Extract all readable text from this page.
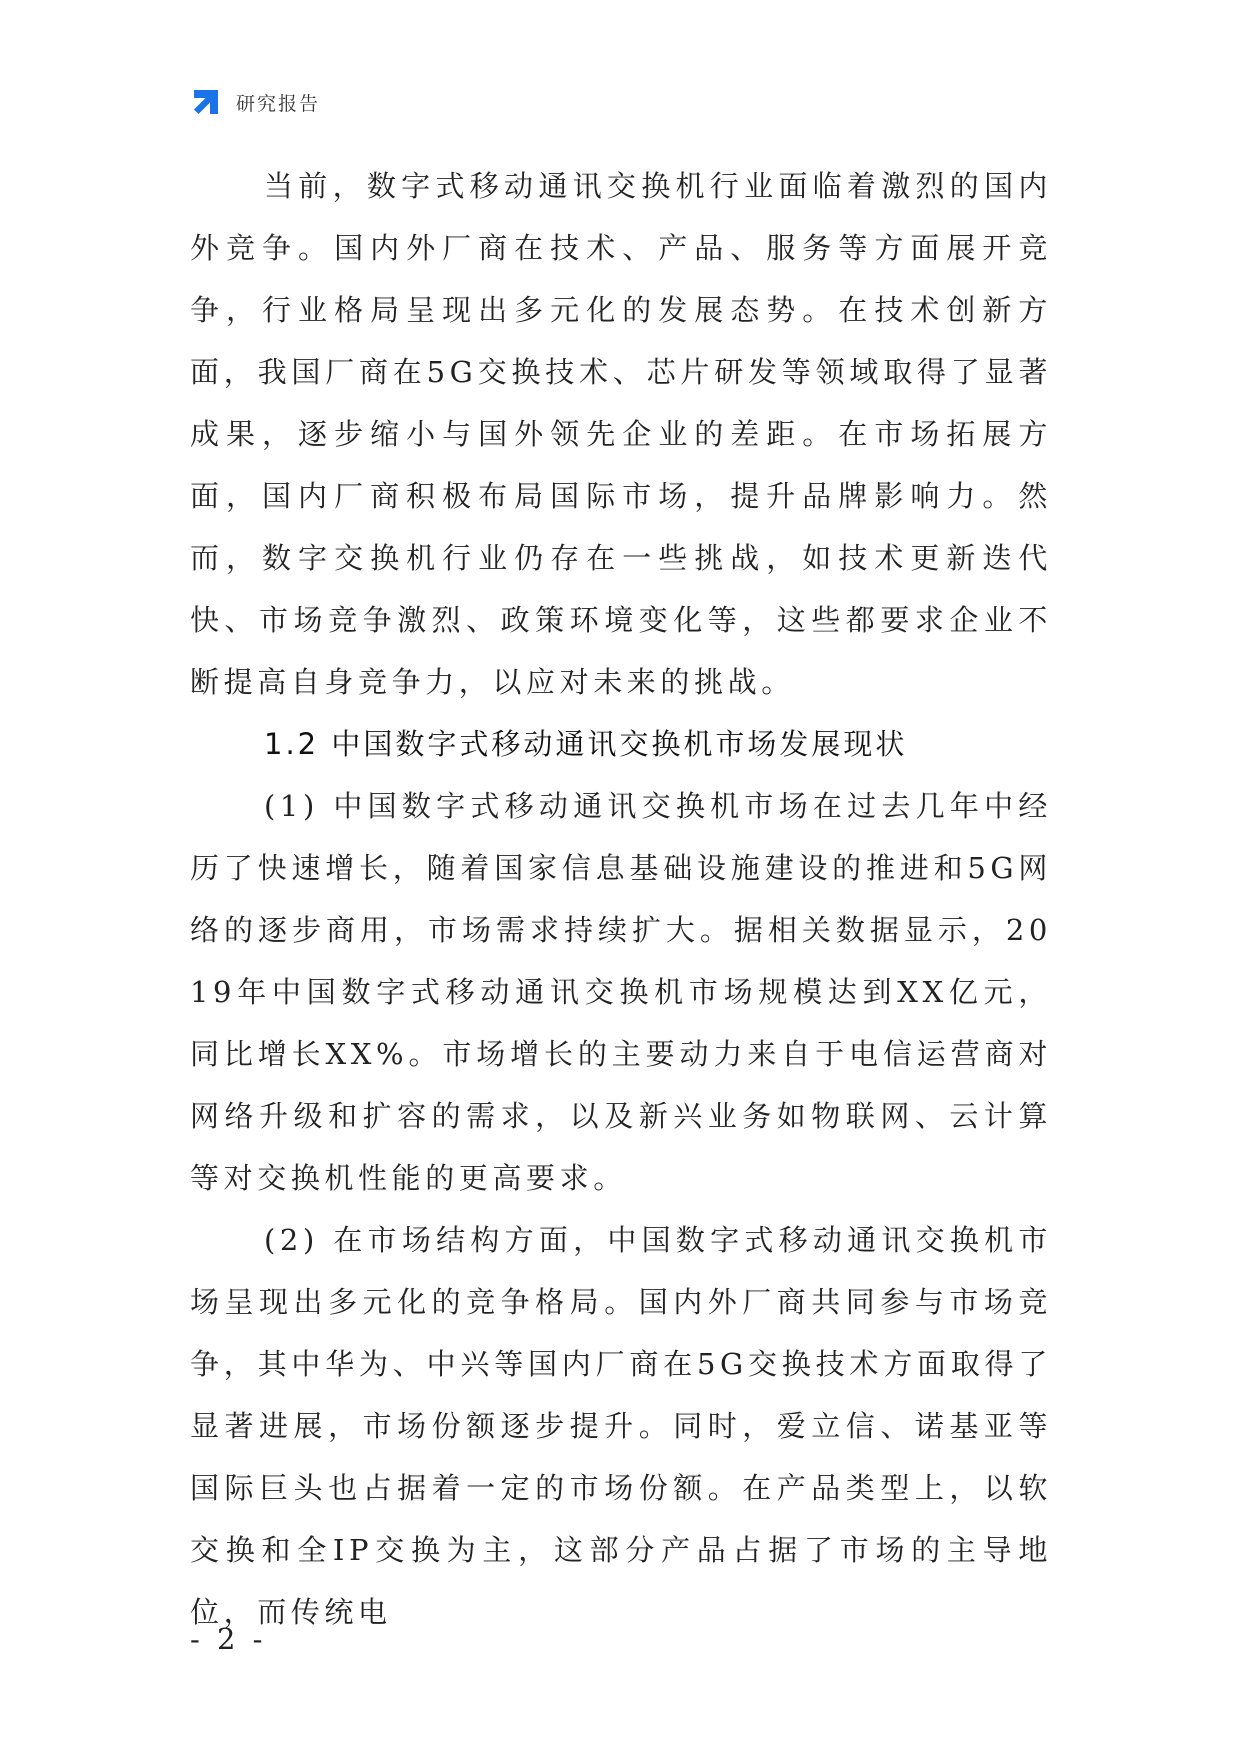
研究报告

当前，数字式移动通讯交换机行业面临着激烈的国内外竞争。国内外厂商在技术、产品、服务等方面展开竞争，行业格局呈现出多元化的发展态势。在技术创新方面，我国厂商在5G交换技术、芯片研发等领域取得了显著成果，逐步缩小与国外领先企业的差距。在市场拓展方面，国内厂商积极布局国际市场，提升品牌影响力。然而，数字交换机行业仍存在一些挑战，如技术更新迭代快、市场竞争激烈、政策环境变化等，这些都要求企业不断提高自身竞争力，以应对未来的挑战。

1.2 中国数字式移动通讯交换机市场发展现状

(1) 中国数字式移动通讯交换机市场在过去几年中经历了快速增长，随着国家信息基础设施建设的推进和5G网络的逐步商用，市场需求持续扩大。据相关数据显示，2019年中国数字式移动通讯交换机市场规模达到XX亿元，同比增长XX%。市场增长的主要动力来自于电信运营商对网络升级和扩容的需求，以及新兴业务如物联网、云计算等对交换机性能的更高要求。

(2) 在市场结构方面，中国数字式移动通讯交换机市场呈现出多元化的竞争格局。国内外厂商共同参与市场竞争，其中华为、中兴等国内厂商在5G交换技术方面取得了显著进展，市场份额逐步提升。同时，爱立信、诺基亚等国际巨头也占据着一定的市场份额。在产品类型上，以软交换和全IP交换为主，这部分产品占据了市场的主导地位，而传统电

- 2 -
